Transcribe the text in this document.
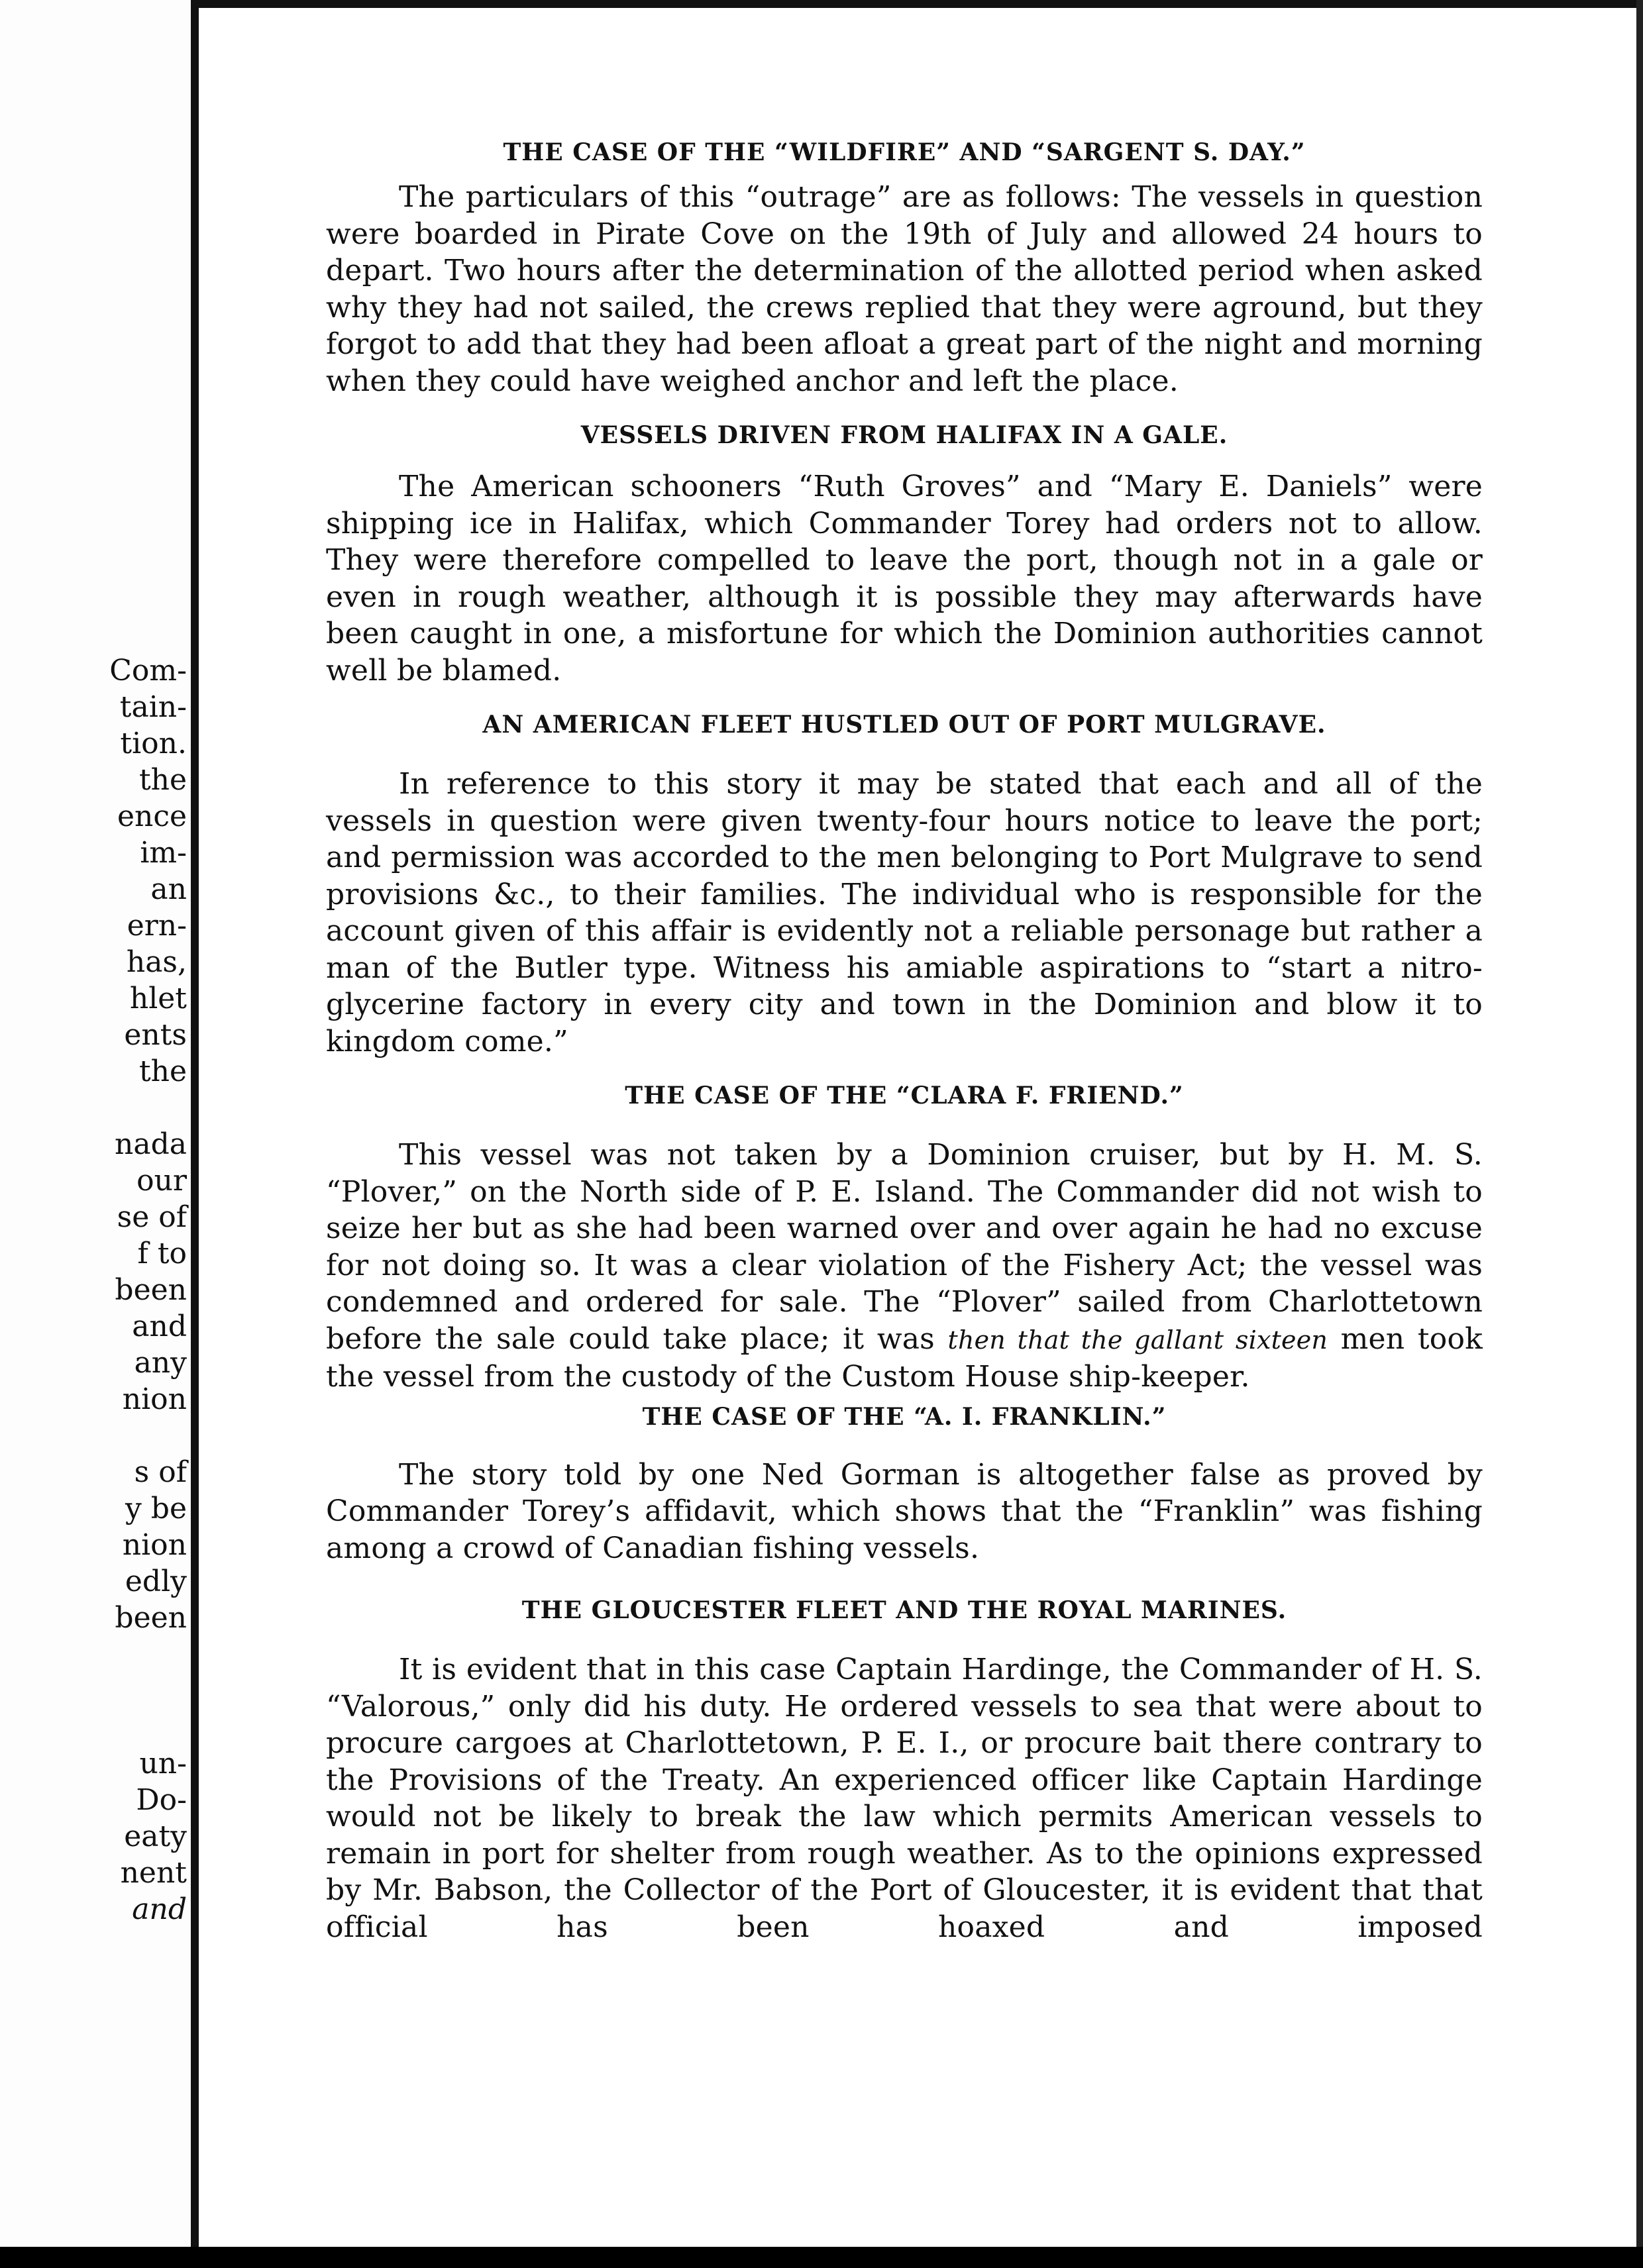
Com-
tain-
tion.
the
ence
im-
an
ern-
has,
hlet
ents
the
nada
our
se of
f to
been
and
any
nion
s of
y be
nion
edly
been
un-
Do-
eaty
nent
and
THE CASE OF THE “WILDFIRE” AND “SARGENT S. DAY.”

The particulars of this “outrage” are as follows: The vessels in question were boarded in Pirate Cove on the 19th of July and allowed 24 hours to depart. Two hours after the determination of the allotted period when asked why they had not sailed, the crews replied that they were aground, but they forgot to add that they had been afloat a great part of the night and morning when they could have weighed anchor and left the place.

VESSELS DRIVEN FROM HALIFAX IN A GALE.

The American schooners “Ruth Groves” and “Mary E. Daniels” were shipping ice in Halifax, which Commander Torey had orders not to allow. They were therefore compelled to leave the port, though not in a gale or even in rough weather, although it is possible they may afterwards have been caught in one, a misfortune for which the Dominion authorities cannot well be blamed.

AN AMERICAN FLEET HUSTLED OUT OF PORT MULGRAVE.

In reference to this story it may be stated that each and all of the vessels in question were given twenty-four hours notice to leave the port; and permission was accorded to the men belonging to Port Mulgrave to send provisions &c., to their families. The individual who is responsible for the account given of this affair is evidently not a reliable personage but rather a man of the Butler type. Witness his amiable aspirations to “start a nitro-glycerine factory in every city and town in the Dominion and blow it to kingdom come.”

THE CASE OF THE “CLARA F. FRIEND.”

This vessel was not taken by a Dominion cruiser, but by H. M. S. “Plover,” on the North side of P. E. Island. The Commander did not wish to seize her but as she had been warned over and over again he had no excuse for not doing so. It was a clear violation of the Fishery Act; the vessel was condemned and ordered for sale. The “Plover” sailed from Charlottetown before the sale could take place; it was then that the gallant sixteen men took the vessel from the custody of the Custom House ship-keeper.

THE CASE OF THE “A. I. FRANKLIN.”

The story told by one Ned Gorman is altogether false as proved by Commander Torey’s affidavit, which shows that the “Franklin” was fishing among a crowd of Canadian fishing vessels.

THE GLOUCESTER FLEET AND THE ROYAL MARINES.

It is evident that in this case Captain Hardinge, the Commander of H. S. “Valorous,” only did his duty. He ordered vessels to sea that were about to procure cargoes at Charlottetown, P. E. I., or procure bait there contrary to the Provisions of the Treaty. An experienced officer like Captain Hardinge would not be likely to break the law which permits American vessels to remain in port for shelter from rough weather. As to the opinions expressed by Mr. Babson, the Collector of the Port of Gloucester, it is evident that that official has been hoaxed and imposed
